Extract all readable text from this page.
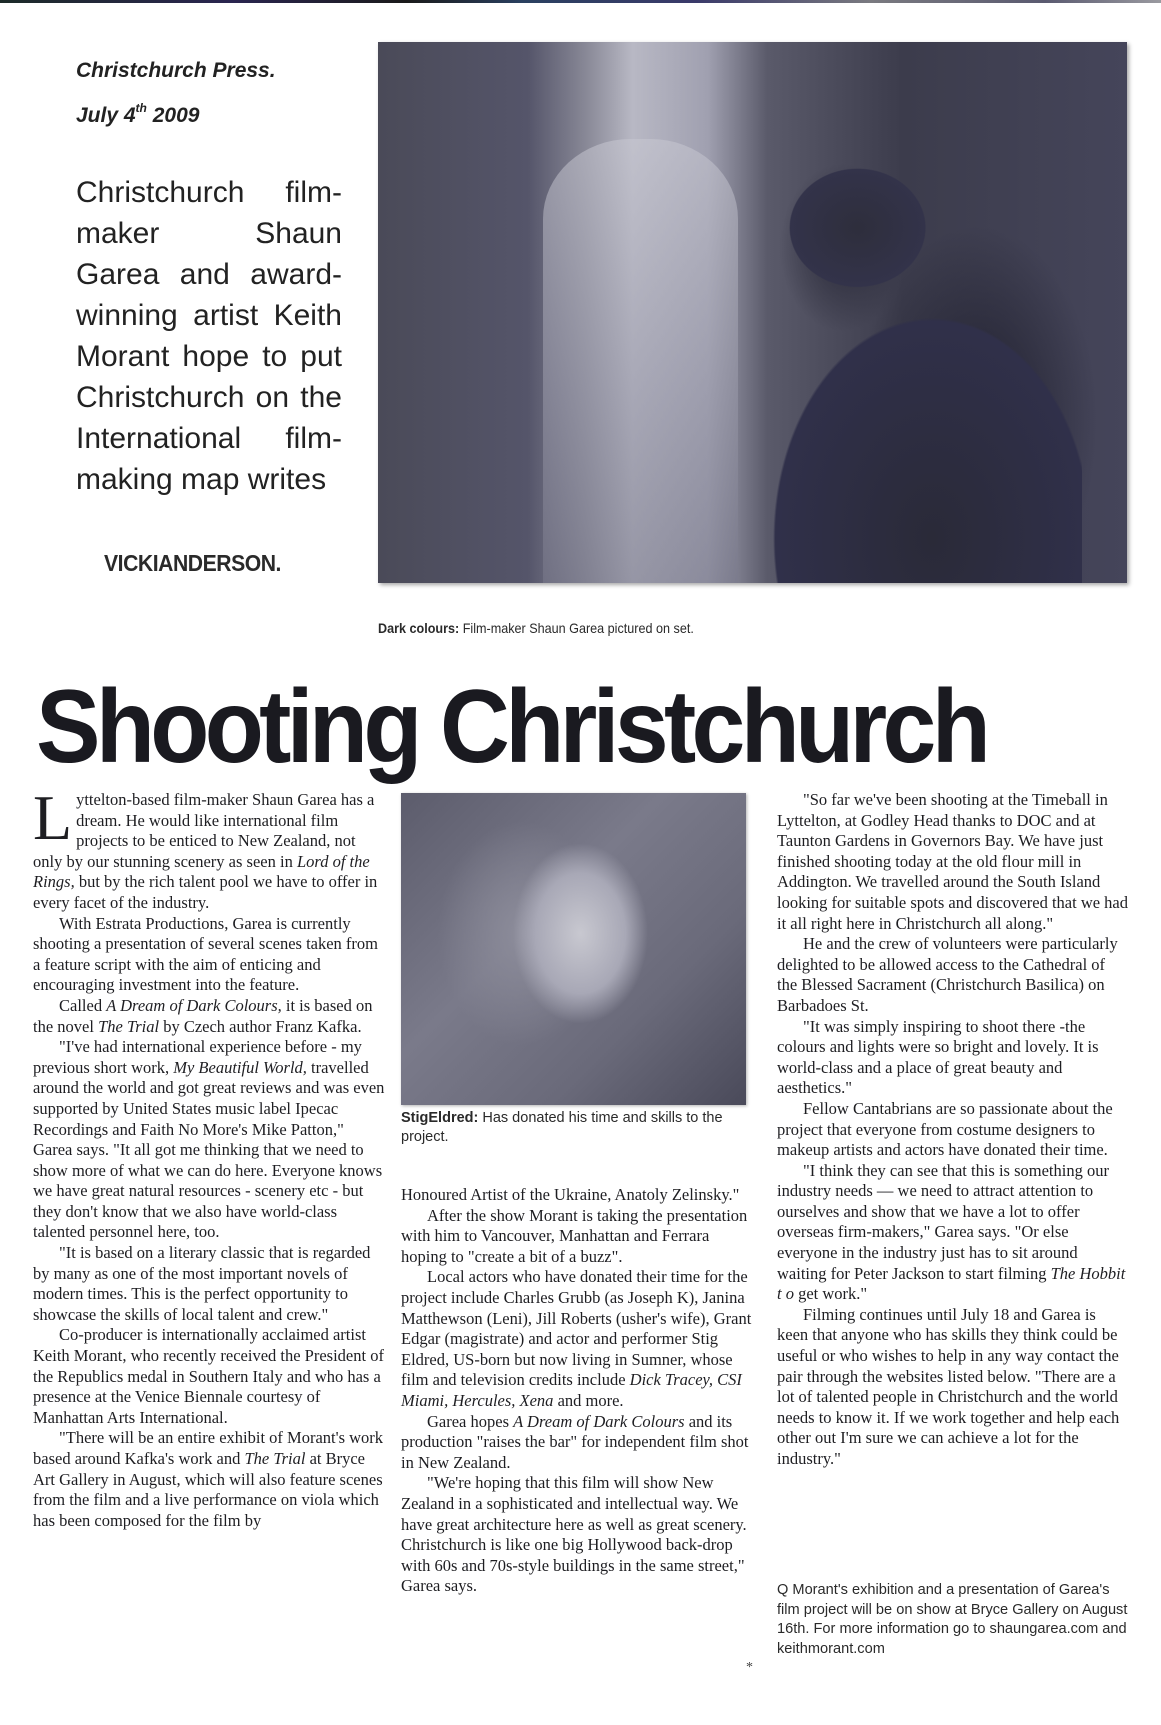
Christchurch Press.
July 4th 2009
Christchurch film-maker Shaun Garea and award-winning artist Keith Morant hope to put Christchurch on the International film-making map writes
VICKIANDERSON.
Dark colours: Film-maker Shaun Garea pictured on set.
Shooting Christchurch

Lyttelton-based film-maker Shaun Garea has a dream. He would like international film projects to be enticed to New Zealand, not only by our stunning scenery as seen in Lord of the Rings, but by the rich talent pool we have to offer in every facet of the industry.

With Estrata Productions, Garea is currently shooting a presentation of several scenes taken from a feature script with the aim of enticing and encouraging investment into the feature.

Called A Dream of Dark Colours, it is based on the novel The Trial by Czech author Franz Kafka.

"I've had international experience before - my previous short work, My Beautiful World, travelled around the world and got great reviews and was even supported by United States music label Ipecac Recordings and Faith No More's Mike Patton," Garea says. "It all got me thinking that we need to show more of what we can do here. Everyone knows we have great natural resources - scenery etc - but they don't know that we also have world-class talented personnel here, too.

"It is based on a literary classic that is regarded by many as one of the most important novels of modern times. This is the perfect opportunity to showcase the skills of local talent and crew."

Co-producer is internationally acclaimed artist Keith Morant, who recently received the President of the Republics medal in Southern Italy and who has a presence at the Venice Biennale courtesy of Manhattan Arts International.

"There will be an entire exhibit of Morant's work based around Kafka's work and The Trial at Bryce Art Gallery in August, which will also feature scenes from the film and a live performance on viola which has been composed for the film by

StigEldred: Has donated his time and skills to the project.

Honoured Artist of the Ukraine, Anatoly Zelinsky."

After the show Morant is taking the presentation with him to Vancouver, Manhattan and Ferrara hoping to "create a bit of a buzz".

Local actors who have donated their time for the project include Charles Grubb (as Joseph K), Janina Matthewson (Leni), Jill Roberts (usher's wife), Grant Edgar (magistrate) and actor and performer Stig Eldred, US-born but now living in Sumner, whose film and television credits include Dick Tracey, CSI Miami, Hercules, Xena and more.

Garea hopes A Dream of Dark Colours and its production "raises the bar" for independent film shot in New Zealand.

"We're hoping that this film will show New Zealand in a sophisticated and intellectual way. We have great architecture here as well as great scenery. Christchurch is like one big Hollywood back-drop with 60s and 70s-style buildings in the same street," Garea says.

*

"So far we've been shooting at the Timeball in Lyttelton, at Godley Head thanks to DOC and at Taunton Gardens in Governors Bay. We have just finished shooting today at the old flour mill in Addington. We travelled around the South Island looking for suitable spots and discovered that we had it all right here in Christchurch all along."

He and the crew of volunteers were particularly delighted to be allowed access to the Cathedral of the Blessed Sacrament (Christchurch Basilica) on Barbadoes St.

"It was simply inspiring to shoot there -the colours and lights were so bright and lovely. It is world-class and a place of great beauty and aesthetics."

Fellow Cantabrians are so passionate about the project that everyone from costume designers to makeup artists and actors have donated their time.

"I think they can see that this is something our industry needs — we need to attract attention to ourselves and show that we have a lot to offer overseas firm-makers," Garea says. "Or else everyone in the industry just has to sit around waiting for Peter Jackson to start filming The Hobbit t o get work."

Filming continues until July 18 and Garea is keen that anyone who has skills they think could be useful or who wishes to help in any way contact the pair through the websites listed below. "There are a lot of talented people in Christchurch and the world needs to know it. If we work together and help each other out I'm sure we can achieve a lot for the industry."

Q Morant's exhibition and a presentation of Garea's film project will be on show at Bryce Gallery on August 16th. For more information go to shaungarea.com and keithmorant.com
